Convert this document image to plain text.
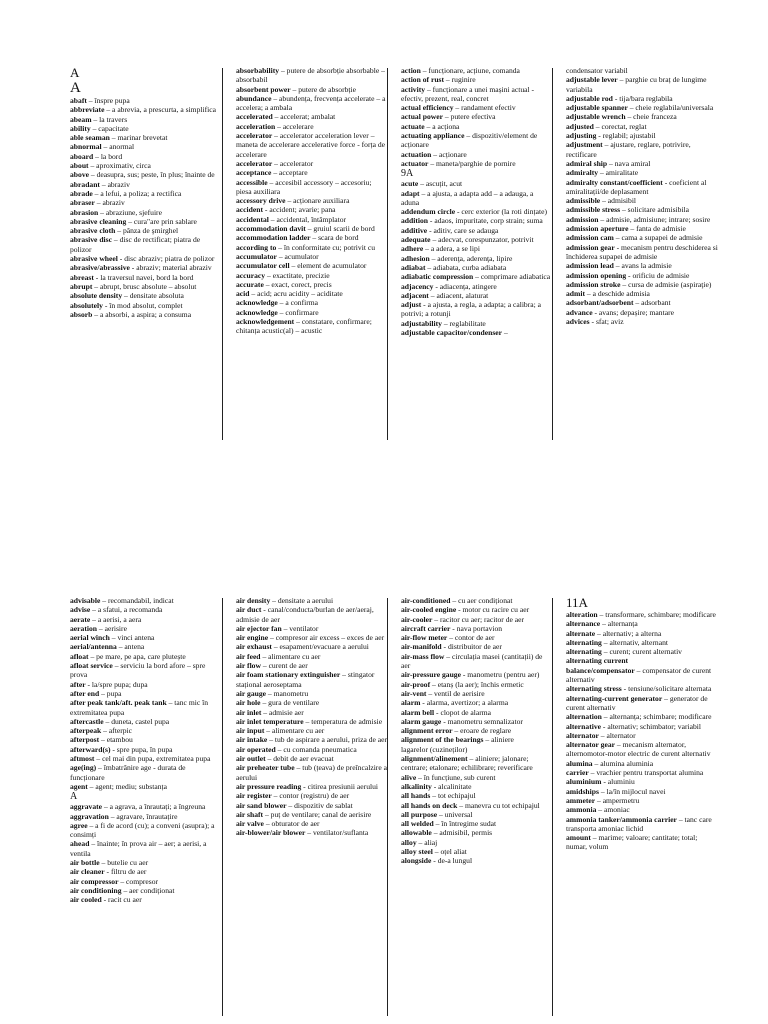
A

A

abaft – înspre pupa

abbreviate – a abrevia, a prescurta, a simplifica

abeam – la travers

ability – capacitate

able seaman – marinar brevetat

abnormal – anormal

aboard – la bord

about – aproximativ, circa

above – deasupra, sus; peste, în plus; înainte de

abradant – abraziv

abrade – a lefui, a poliza; a rectifica

abraser – abraziv

abrasion – abraziune, sjefuire

abrasive cleaning – cura"are prin sablare

abrasive cloth – pânza de şmirghel

abrasive disc – disc de rectificat; piatra de polizor

abrasive wheel - disc abraziv; piatra de polizor

abrasive/abrassive - abraziv; material abraziv

abreast - la traversul navei, bord la bord

abrupt – abrupt, brusc absolute – absolut

absolute density – densitate absoluta

absolutely - în mod absolut, complet

absorb – a absorbi, a aspira; a consuma

absorbability – putere de absorbție absorbable – absorbabil

absorbent power – putere de absorbție

abundance – abundența, frecvența accelerate – a accelera; a ambala

accelerated – accelerat; ambalat

acceleration – accelerare

accelerator – accelerator acceleration lever – maneta de accelerare accelerative force - forța de accelerare

accelerator – accelerator

acceptance – acceptare

accessible – accesibil accessory – accesoriu; piesa auxiliara

accessory drive – acționare auxiliara

accident - accident; avarie; pana

accidental – accidental, întâmplator

accommodation davit – gruiul scarii de bord

accommodation ladder – scara de bord

according to – în conformitate cu; potrivit cu

accumulator – acumulator

accumulator cell – element de acumulator

accuracy – exactitate, precizie

accurate – exact, corect, precis

acid – acid; acru acidity – aciditate

acknowledge – a confirma

acknowledge – confirmare

acknowledgement – constatare, confirmare; chitanța acustic(al) – acustic

action – funcționare, acțiune, comanda

action of rust – ruginire

activity – funcționare a unei mașini actual - efectiv, prezent, real, concret

actual efficiency – randament efectiv

actual power – putere efectiva

actuate – a acționa

actuating appliance – dispozitiv/element de acționare

actuation – acționare

actuator – maneta/parghie de pornire

9A

acute – ascuțit, acut

adapt – a ajusta, a adapta add – a adauga, a aduna

addendum circle - cerc exterior (la roti dințate)

addition - adaos, impuritate, corp strain; suma

additive - aditiv, care se adauga

adequate – adecvat, corespunzator, potrivit

adhere – a adera, a se lipi

adhesion – aderenţa, aderenţa, lipire

adiabat – adiabata, curba adiabata

adiabatic compression – comprimare adiabatica

adjacency - adiacența, atingere

adjacent – adiacent, alaturat

adjust - a ajusta, a regla, a adapta; a calibra; a potrivi; a rotunji

adjustability – reglabilitate

adjustable capacitor/condenser –

condensator variabil

adjustable lever – parghie cu braț de lungime variabila

adjustable rod - tija/bara reglabila

adjustable spanner – cheie reglabila/universala

adjustable wrench – cheie franceza

adjusted – corectat, reglat

adjusting - reglabil; ajustabil

adjustment – ajustare, reglare, potrivire, rectificare

admiral ship – nava amiral

admiralty – amiralitate

admiralty constant/coefficient - coeficient al amiralitații/de deplasament

admissible – admisibil

admissible stress – solicitare admisibila

admission – admisie, admisiune; intrare; sosire

admission aperture – fanta de admisie

admission cam – cama a supapei de admisie

admission gear - mecanism pentru deschiderea si închiderea supapei de admisie

admission lead – avans la admisie

admission opening - orificiu de admisie

admission stroke – cursa de admisie (aspiraţie)

admit – a deschide admisia

adsorbant/adsorbent – adsorbant

advance - avans; depașire; mantare

advices - sfat; aviz

advisable – recomandabil, indicat

advise – a sfatui, a recomanda

aerate – a aerisi, a aera

aeration – aerisire

aerial winch – vinci antena

aerial/antenna – antena

afloat – pe mare, pe apa, care plutește

afloat service – serviciu la bord afore – spre prova

after - la/spre pupa; dupa

after end – pupa

after peak tank/aft. peak tank – tanc mic în extremitatea pupa

aftercastle – duneta, castel pupa

afterpeak – afterpic

afterpost – etambou

afterward(s) - spre pupa, în pupa

aftmost – cel mai din pupa, extremitatea pupa

age(ing) – îmbatrânire age - durata de funcționare

agent – agent; mediu; substanța

A

aggravate – a agrava, a înrautați; a îngreuna

aggravation – agravare, înrautațire

agree – a fi de acord (cu); a conveni (asupra); a consimți

ahead – înainte; în prova air – aer; a aerisi, a ventila

air bottle – butelie cu aer

air cleaner - filtru de aer

air compressor – compresor

air conditioning – aer condiționat

air cooled - racit cu aer

air density – densitate a aerului

air duct - canal/conducta/burlan de aer/aeraj, admisie de aer

air ejector fan – ventilator

air engine – compresor air excess – exces de aer

air exhaust – esapament/evacuare a aerului

air feed – alimentare cu aer

air flow – curent de aer

air foam stationary extinguisher – stingator stațional aeroseptama

air gauge – manometru

air hole – gura de ventilare

air inlet – admisie aer

air inlet temperature – temperatura de admisie

air input – alimentare cu aer

air intake – tub de aspirare a aerului, priza de aer

air operated – cu comanda pneumatica

air outlet – debit de aer evacuat

air preheater tube – tub (țeava) de preîncalzire a aerului

air pressure reading - citirea presiunii aerului

air register – contor (registru) de aer

air sand blower – dispozitiv de sablat

air shaft – puț de ventilare; canal de aerisire

air valve – obturator de aer

air-blower/air blower – ventilator/suflanta

air-conditioned – cu aer condiționat

air-cooled engine - motor cu racire cu aer

air-cooler – racitor cu aer; racitor de aer

aircraft carrier - nava portavion

air-flow meter – contor de aer

air-manifold - distribuitor de aer

air-mass flow – circulația masei (cantitații) de aer

air-pressure gauge - manometru (pentru aer)

air-proof – etanș (la aer); închis ermetic

air-vent – ventil de aerisire

alarm - alarma, avertizor; a alarma

alarm bell - clopot de alarma

alarm gauge - manometru semnalizator

alignment error – eroare de reglare

alignment of the bearings – aliniere

lagarelor (cuzineților)

alignment/alinement – aliniere; jalonare; centrare; etalonare; echilibrare; reverificare

alive – în funcțiune, sub curent

alkalinity - alcalinitate

all hands – tot echipajul

all hands on deck – manevra cu tot echipajul

all purpose – universal

all welded – în întregime sudat

allowable – admisibil, permis

alloy – aliaj

alloy steel – oțel aliat

alongside - de-a lungul

11A

alteration – transformare, schimbare; modificare

alternance – alternanța

alternate – alternativ; a alterna

alternating – alternativ, alternant

alternating – curent; curent alternativ

alternating current

balance/compensator – compensator de curent alternativ

alternating stress - tensiune/solicitare alternata

alternating-current generator – generator de curent alternativ

alternation – alternanța; schimbare; modificare

alternative - alternativ; schimbator; variabil

alternator – alternator

alternator gear – mecanism alternator, alternomotor-motor electric de curent alternativ

alumina – alumina aluminia

carrier – vrachier pentru transportat alumina

aluminium - aluminiu

amidships – la/în mijlocul navei

ammeter – ampermetru

ammonia – amoniac

ammonia tanker/ammonia carrier – tanc care transporta amoniac lichid

amount – marime; valoare; cantitate; total; numar, volum
